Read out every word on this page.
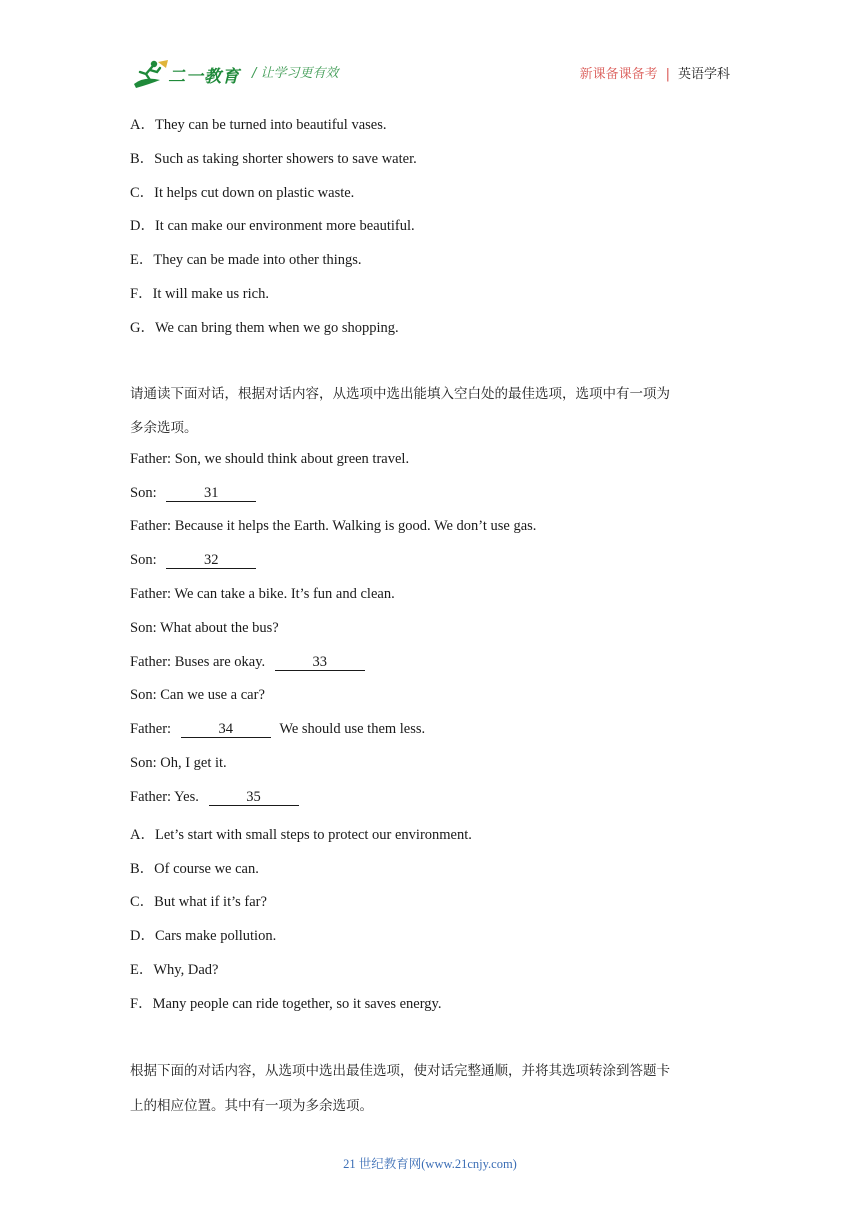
二一教育 / 让学习更有效	新课备课备考 | 英语学科
A．They can be turned into beautiful vases.
B．Such as taking shorter showers to save water.
C．It helps cut down on plastic waste.
D．It can make our environment more beautiful.
E．They can be made into other things.
F．It will make us rich.
G．We can bring them when we go shopping.
请通读下面对话，根据对话内容，从选项中选出能填入空白处的最佳选项，选项中有一项为
多余选项。
Father: Son, we should think about green travel.
Son:	31
Father: Because it helps the Earth. Walking is good. We don’t use gas.
Son:	32
Father: We can take a bike. It’s fun and clean.
Son: What about the bus?
Father: Buses are okay.	33
Son: Can we use a car?
Father:	34	We should use them less.
Son: Oh, I get it.
Father: Yes.	35
A．Let’s start with small steps to protect our environment.
B．Of course we can.
C．But what if it’s far?
D．Cars make pollution.
E．Why, Dad?
F．Many people can ride together, so it saves energy.
根据下面的对话内容，从选项中选出最佳选项，使对话完整通顺，并将其选项转涂到答题卡
上的相应位置。其中有一项为多余选项。
21 世纪教育网(www.21cnjy.com)
